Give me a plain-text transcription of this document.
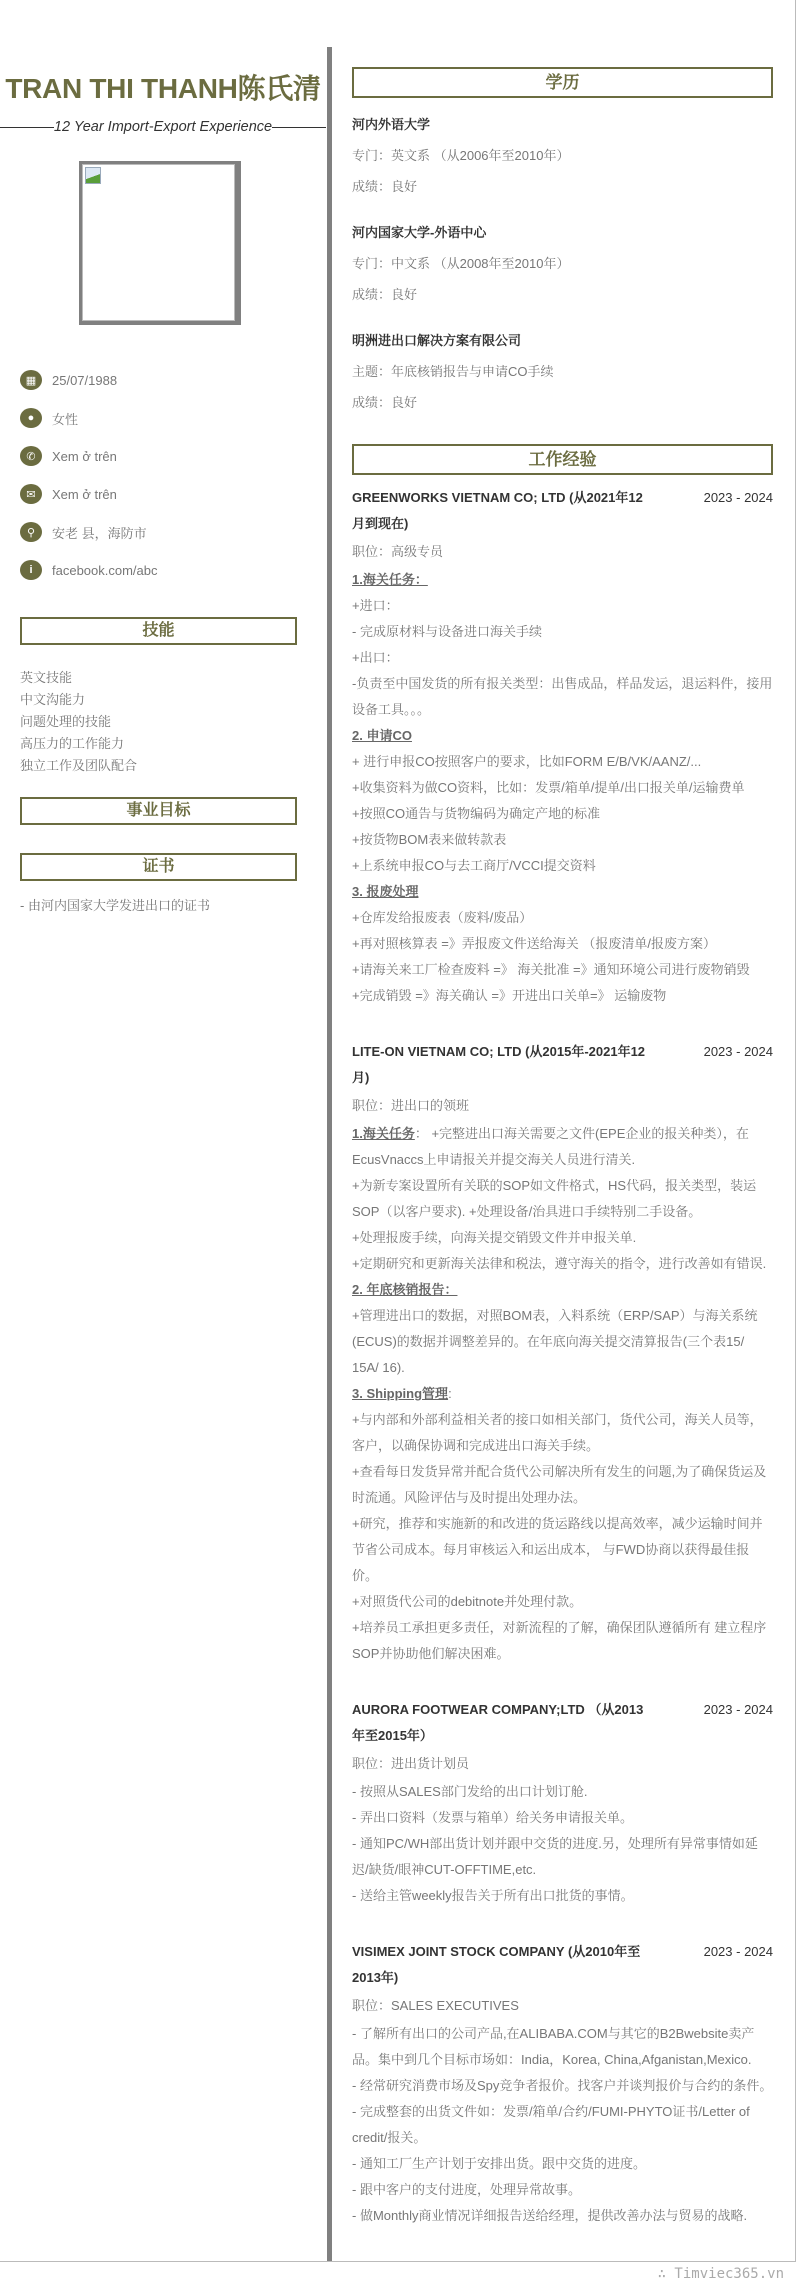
TRAN THI THANH陈氏清
12 Year Import-Export Experience
▦	25/07/1988
●	女性
✆	Xem ở trên
✉	Xem ở trên
⚲	安老 县，海防市
i	facebook.com/abc
技能
英文技能
中文沟能力
问题处理的技能
高压力的工作能力
独立工作及团队配合
事业目标
证书
- 由河内国家大学发进出口的证书
学历
河内外语大学
专门：英文系 （从2006年至2010年）
成绩：良好
河内国家大学-外语中心
专门：中文系 （从2008年至2010年）
成绩：良好
明洲进出口解决方案有限公司
主题：年底核销报告与申请CO手续
成绩：良好
工作经验
GREENWORKS VIETNAM CO; LTD (从2021年12月到现在)
2023 - 2024
职位：高级专员
1.海关任务：
+进口：
- 完成原材料与设备进口海关手续
+出口：
-负责至中国发货的所有报关类型：出售成品，样品发运，退运料件，接用设备工具。。。
2. 申请CO
+ 进行申报CO按照客户的要求，比如FORM E/B/VK/AANZ/...
+收集资料为做CO资料，比如：发票/箱单/提单/出口报关单/运输费单
+按照CO通告与货物编码为确定产地的标准
+按货物BOM表来做转款表
+上系统申报CO与去工商厅/VCCI提交资料
3. 报废处理
+仓库发给报废表（废料/废品）
+再对照核算表 =》弄报废文件送给海关 （报废清单/报废方案）
+请海关来工厂检查废料 =》 海关批准 =》通知环境公司进行废物销毁
+完成销毁 =》海关确认 =》开进出口关单=》 运输废物
LITE-ON VIETNAM CO; LTD (从2015年-2021年12月)
2023 - 2024
职位：进出口的领班
1.海关任务： +完整进出口海关需要之文件(EPE企业的报关种类），在EcusVnaccs上申请报关并提交海关人员进行清关.
+为新专案设置所有关联的SOP如文件格式，HS代码，报关类型，装运SOP（以客户要求). +处理设备/治具进口手续特别二手设备。
+处理报废手续，向海关提交销毁文件并申报关单.
+定期研究和更新海关法律和税法，遵守海关的指令，进行改善如有错误.
2. 年底核销报告：
+管理进出口的数据，对照BOM表，入料系统（ERP/SAP）与海关系统(ECUS)的数据并调整差异的。在年底向海关提交清算报告(三个表15/ 15A/ 16).
3. Shipping管理:
+与内部和外部利益相关者的接口如相关部门，货代公司，海关人员等，客户，以确保协调和完成进出口海关手续。
+查看每日发货异常并配合货代公司解决所有发生的问题,为了确保货运及时流通。风险评估与及时提出处理办法。
+研究，推荐和实施新的和改进的货运路线以提高效率，减少运输时间并节省公司成本。每月审核运入和运出成本， 与FWD协商以获得最佳报价。
+对照货代公司的debitnote并处理付款。
+培养员工承担更多责任，对新流程的了解，确保团队遵循所有 建立程序SOP并协助他们解决困难。
AURORA FOOTWEAR COMPANY;LTD （从2013年至2015年）
2023 - 2024
职位：进出货计划员
- 按照从SALES部门发给的出口计划订舱.
- 弄出口资料（发票与箱单）给关务申请报关单。
- 通知PC/WH部出货计划并跟中交货的进度.另，处理所有异常事情如延迟/缺货/眼神CUT-OFFTIME,etc.
- 送给主管weekly报告关于所有出口批货的事情。
VISIMEX JOINT STOCK COMPANY (从2010年至2013年)
2023 - 2024
职位：SALES EXECUTIVES
- 了解所有出口的公司产品,在ALIBABA.COM与其它的B2Bwebsite卖产品。集中到几个目标市场如：India，Korea, China,Afganistan,Mexico.
- 经常研究消费市场及Spy竞争者报价。找客户并谈判报价与合约的条件。
- 完成整套的出货文件如：发票/箱单/合约/FUMI-PHYTO证书/Letter of credit/报关。
- 通知工厂生产计划于安排出货。跟中交货的进度。
- 跟中客户的支付进度，处理异常故事。
- 做Monthly商业情况详细报告送给经理，提供改善办法与贸易的战略.
∴ Timviec365.vn
